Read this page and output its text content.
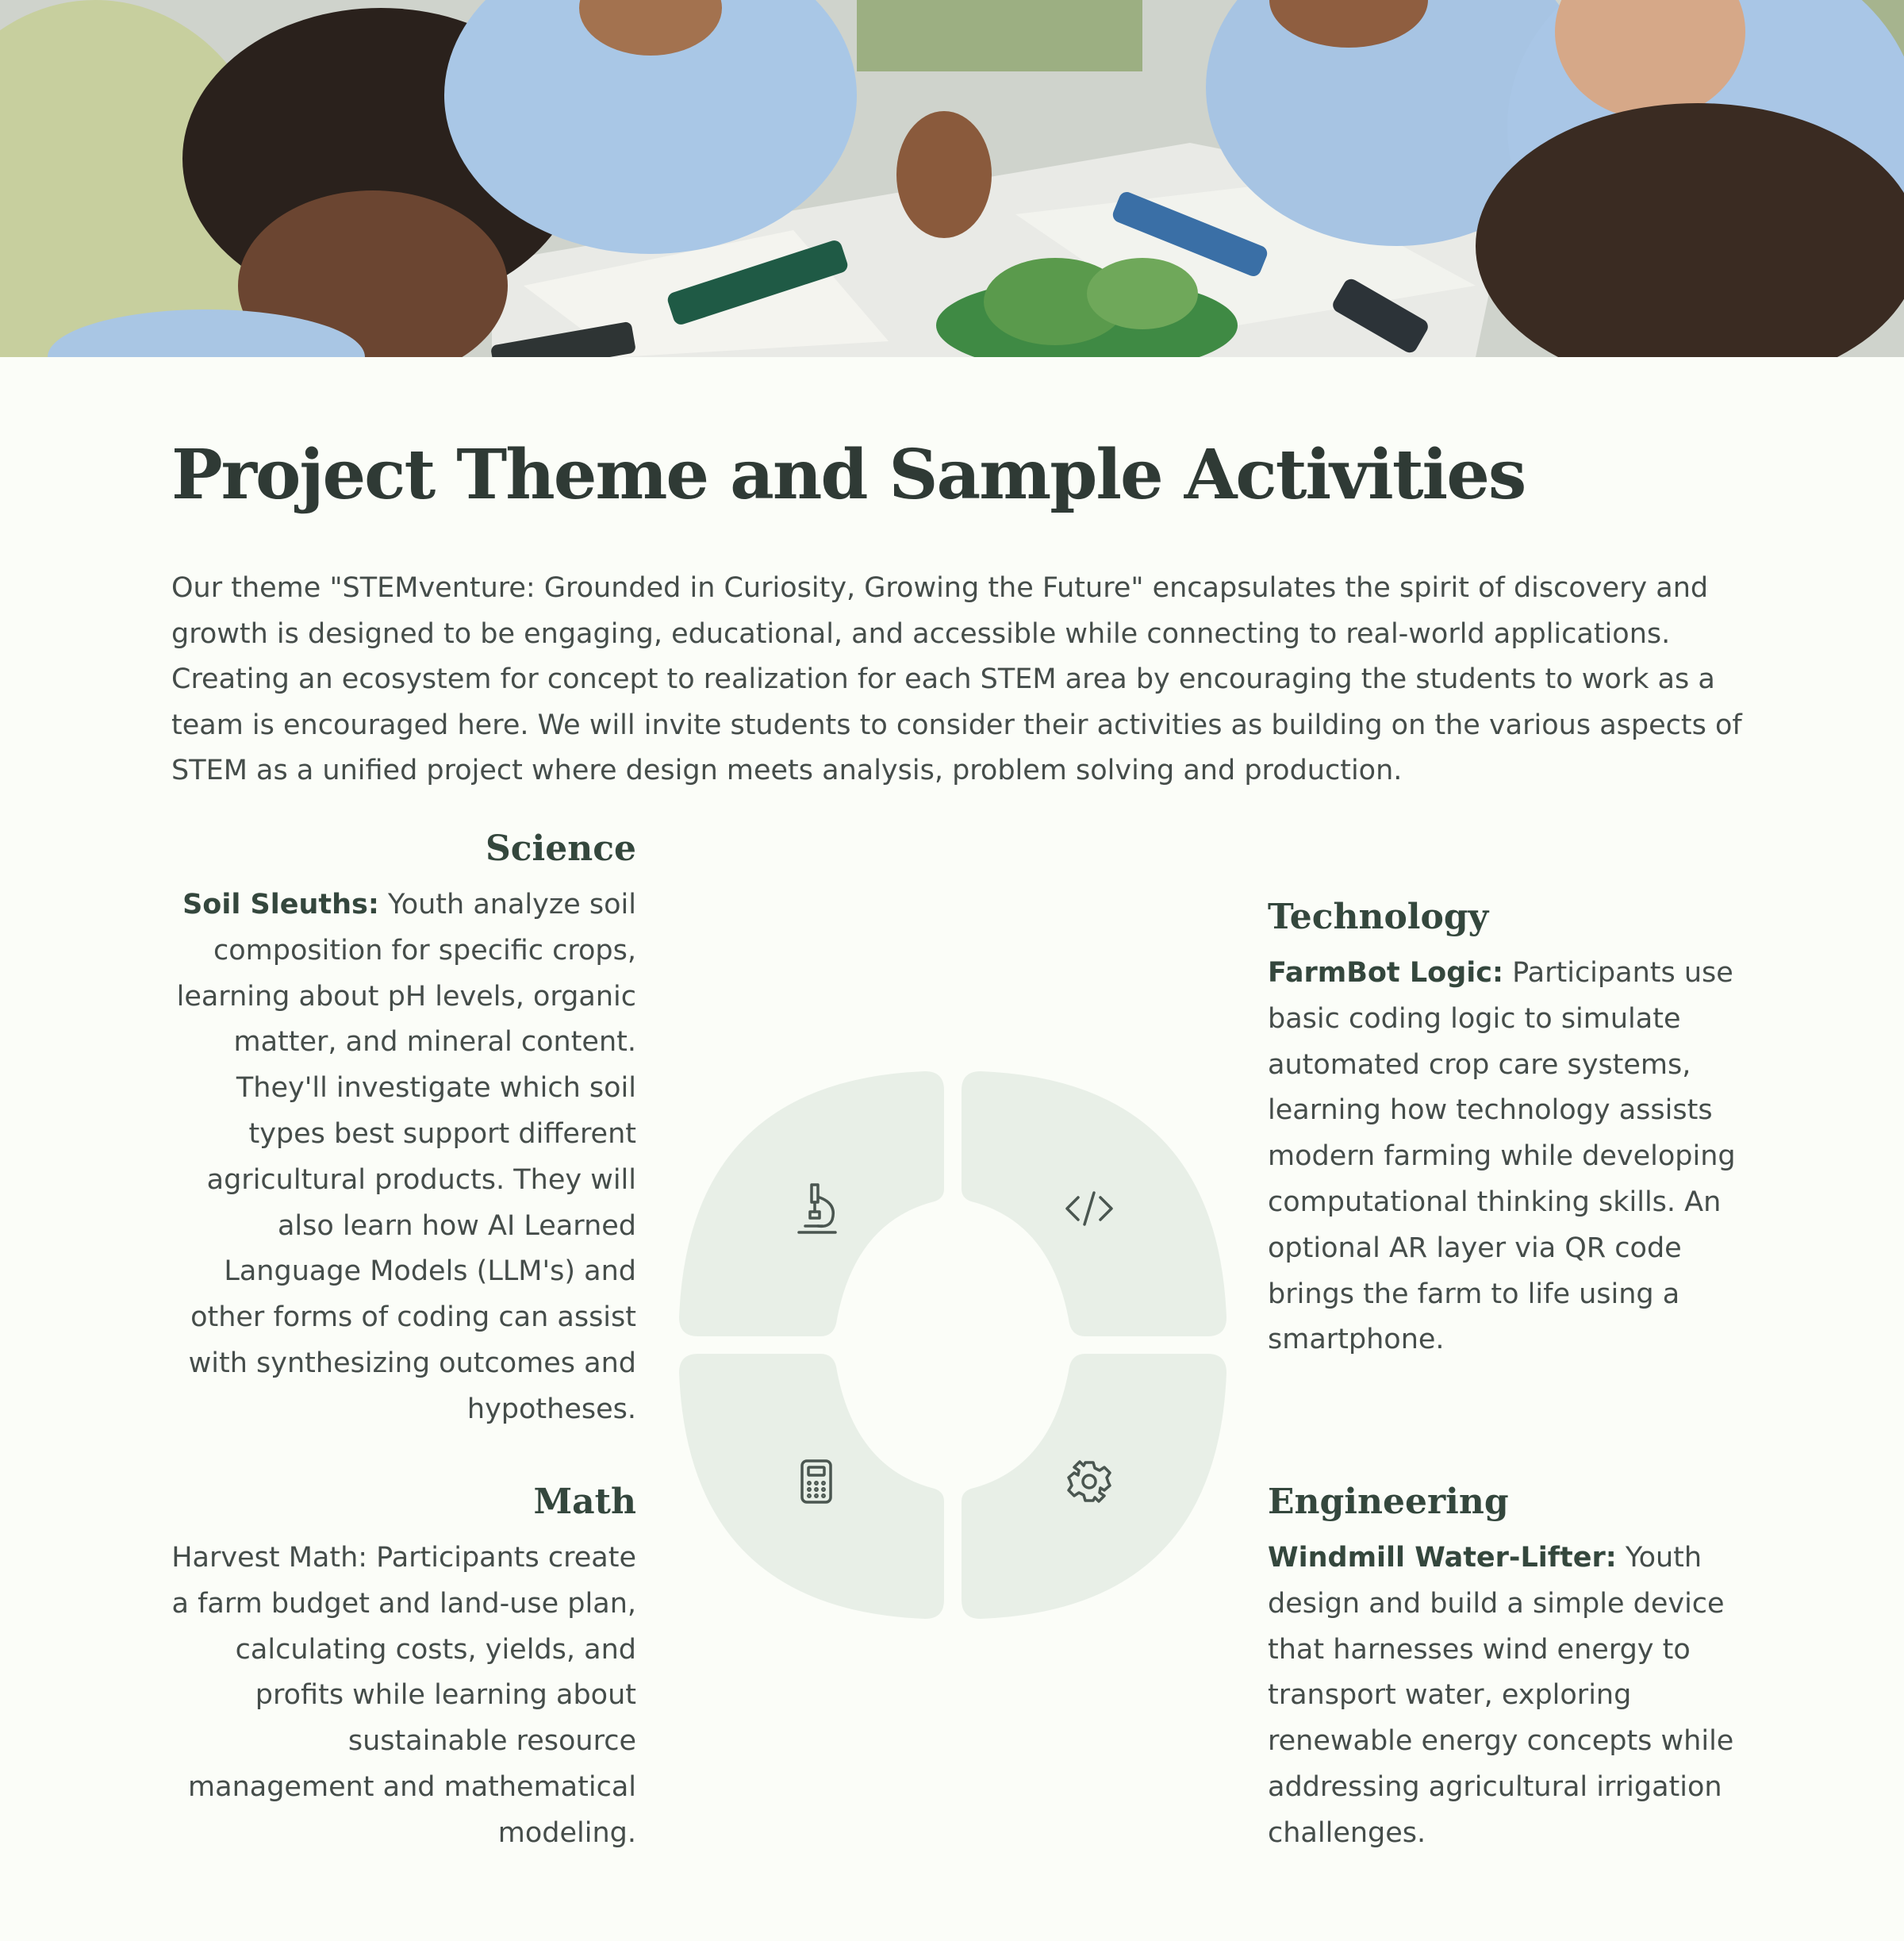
Project Theme and Sample Activities

Our theme "STEMventure: Grounded in Curiosity, Growing the Future" encapsulates the spirit of discovery and growth is designed to be engaging, educational, and accessible while connecting to real-world applications. Creating an ecosystem for concept to realization for each STEM area by encouraging the students to work as a team is encouraged here. We will invite students to consider their activities as building on the various aspects of STEM as a unified project where design meets analysis, problem solving and production.

Science

Soil Sleuths: Youth analyze soil composition for specific crops, learning about pH levels, organic matter, and mineral content. They'll investigate which soil types best support different agricultural products. They will also learn how AI Learned Language Models (LLM's) and other forms of coding can assist with synthesizing outcomes and hypotheses.

Math

Harvest Math: Participants create a farm budget and land-use plan, calculating costs, yields, and profits while learning about sustainable resource management and mathematical modeling.

Technology

FarmBot Logic: Participants use basic coding logic to simulate automated crop care systems, learning how technology assists modern farming while developing computational thinking skills. An optional AR layer via QR code brings the farm to life using a smartphone.

Engineering

Windmill Water-Lifter: Youth design and build a simple device that harnesses wind energy to transport water, exploring renewable energy concepts while addressing agricultural irrigation challenges.
